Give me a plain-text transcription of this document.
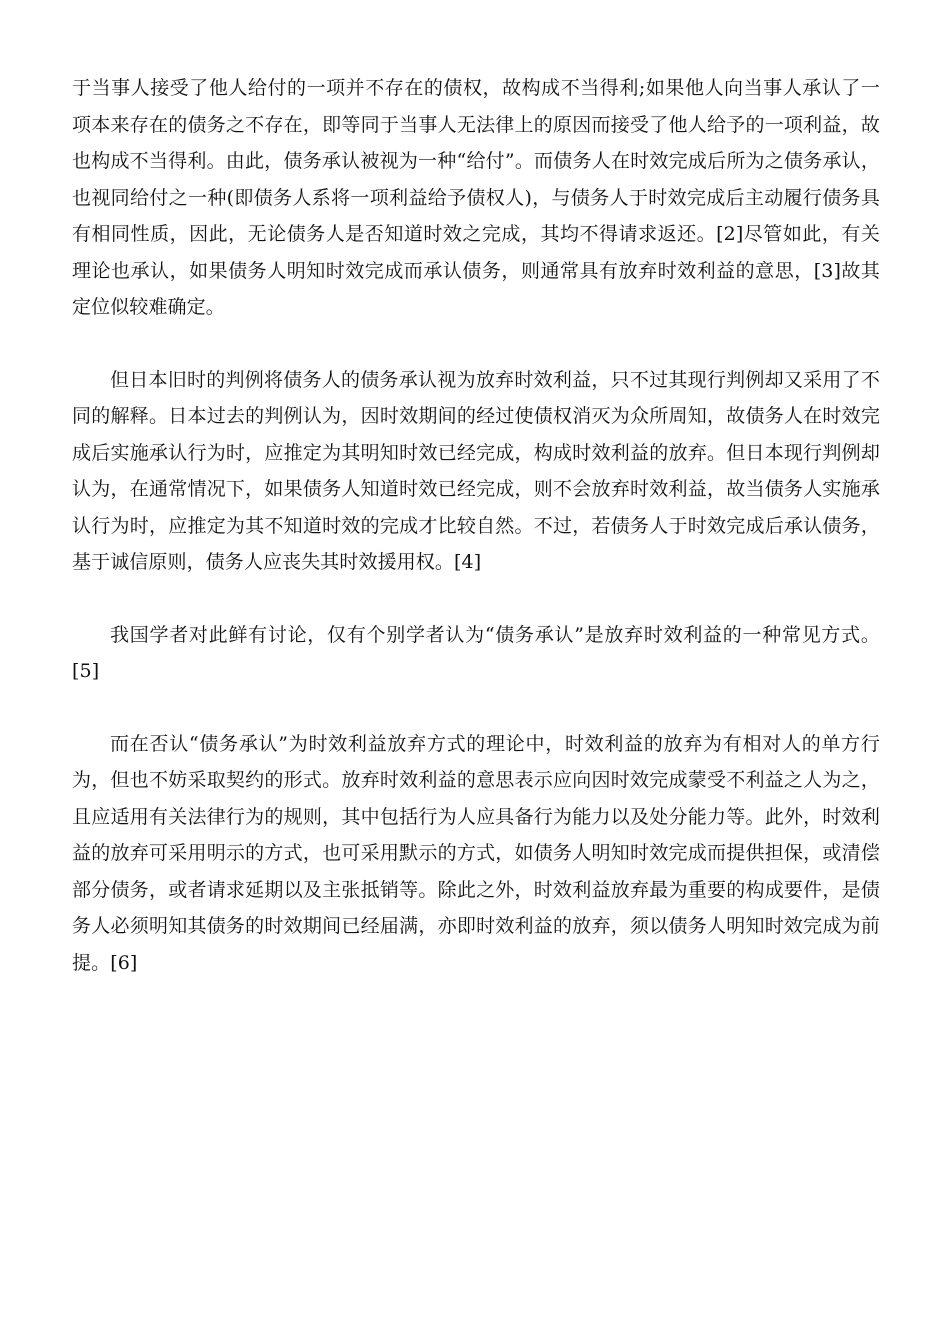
于当事人接受了他人给付的一项并不存在的债权，故构成不当得利;如果他人向当事人承认了一项本来存在的债务之不存在，即等同于当事人无法律上的原因而接受了他人给予的一项利益，故也构成不当得利。由此，债务承认被视为一种“给付”。而债务人在时效完成后所为之债务承认，也视同给付之一种(即债务人系将一项利益给予债权人)，与债务人于时效完成后主动履行债务具有相同性质，因此，无论债务人是否知道时效之完成，其均不得请求返还。[2]尽管如此，有关理论也承认，如果债务人明知时效完成而承认债务，则通常具有放弃时效利益的意思，[3]故其定位似较难确定。

但日本旧时的判例将债务人的债务承认视为放弃时效利益，只不过其现行判例却又采用了不同的解释。日本过去的判例认为，因时效期间的经过使债权消灭为众所周知，故债务人在时效完成后实施承认行为时，应推定为其明知时效已经完成，构成时效利益的放弃。但日本现行判例却认为，在通常情况下，如果债务人知道时效已经完成，则不会放弃时效利益，故当债务人实施承认行为时，应推定为其不知道时效的完成才比较自然。不过，若债务人于时效完成后承认债务，基于诚信原则，债务人应丧失其时效援用权。[4]

我国学者对此鲜有讨论，仅有个别学者认为“债务承认”是放弃时效利益的一种常见方式。[5]

而在否认“债务承认”为时效利益放弃方式的理论中，时效利益的放弃为有相对人的单方行为，但也不妨采取契约的形式。放弃时效利益的意思表示应向因时效完成蒙受不利益之人为之，且应适用有关法律行为的规则，其中包括行为人应具备行为能力以及处分能力等。此外，时效利益的放弃可采用明示的方式，也可采用默示的方式，如债务人明知时效完成而提供担保，或清偿部分债务，或者请求延期以及主张抵销等。除此之外，时效利益放弃最为重要的构成要件，是债务人必须明知其债务的时效期间已经届满，亦即时效利益的放弃，须以债务人明知时效完成为前提。[6]
